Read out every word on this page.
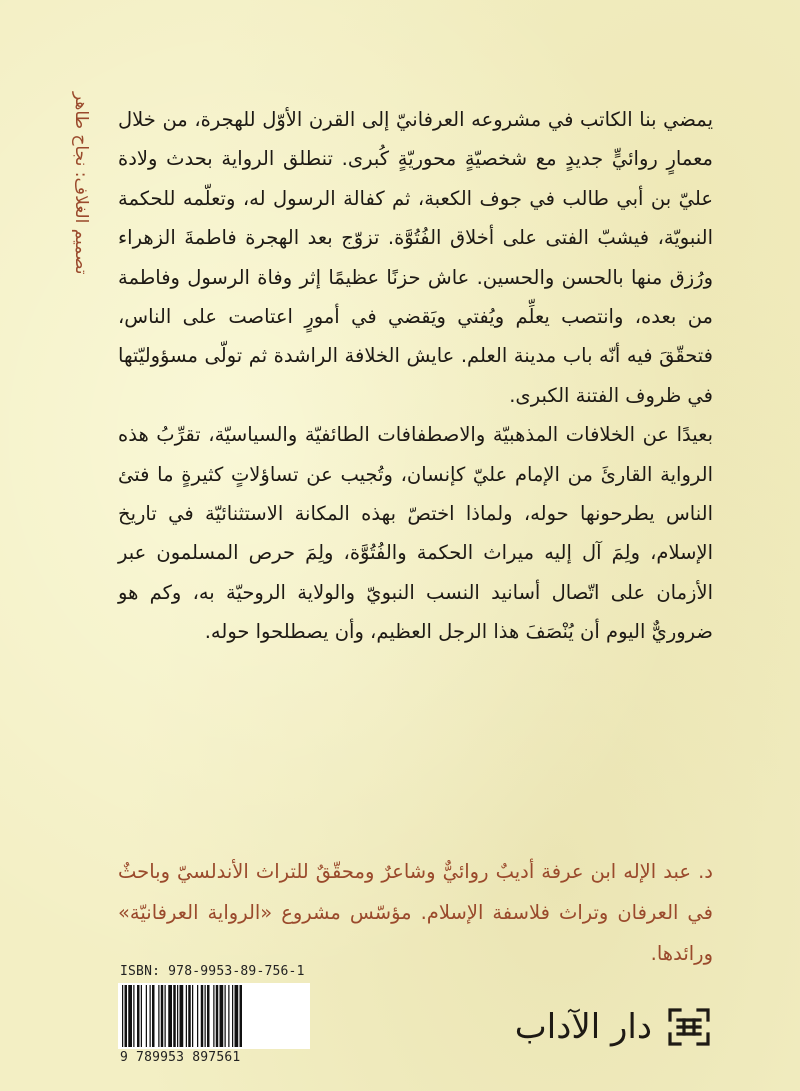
تصميم الغلاف: نجاح طاهر يمضي بنا الكاتب في مشروعه العرفانيّ إلى القرن الأوّل للهجرة، من خلال معمارٍ روائيٍّ جديدٍ مع شخصيّةٍ محوريّةٍ كُبرى. تنطلق الرواية بحدث ولادة عليّ بن أبي طالب في جوف الكعبة، ثم كفالة الرسول له، وتعلّمه للحكمة النبويّة، فيشبّ الفتى على أخلاق الفُتُوَّة. تزوّج بعد الهجرة فاطمةَ الزهراء ورُزق منها بالحسن والحسين. عاش حزنًا عظيمًا إثر وفاة الرسول وفاطمة من بعده، وانتصب يعلِّم ويُفتي ويَقضي في أمورٍ اعتاصت على الناس، فتحقّقَ فيه أنّه باب مدينة العلم. عايش الخلافة الراشدة ثم تولّى مسؤوليّتها في ظروف الفتنة الكبرى.

بعيدًا عن الخلافات المذهبيّة والاصطفافات الطائفيّة والسياسيّة، تقرِّبُ هذه الرواية القارئَ من الإمام عليّ كإنسان، وتُجيب عن تساؤلاتٍ كثيرةٍ ما فتئ الناس يطرحونها حوله، ولماذا اختصّ بهذه المكانة الاستثنائيّة في تاريخ الإسلام، ولِمَ آل إليه ميراث الحكمة والفُتُوَّة، ولِمَ حرص المسلمون عبر الأزمان على اتّصال أسانيد النسب النبويّ والولاية الروحيّة به، وكم هو ضروريٌّ اليوم أن يُنْصَفَ هذا الرجل العظيم، وأن يصطلحوا حوله.

د. عبد الإله ابن عرفة أديبٌ روائيٌّ وشاعرٌ ومحقّقٌ للتراث الأندلسيّ وباحثٌ في العرفان وتراث فلاسفة الإسلام. مؤسّس مشروع «الرواية العرفانيّة» ورائدها.

ISBN: 978-9953-89-756-1
9 789953 897561
دار الآداب
